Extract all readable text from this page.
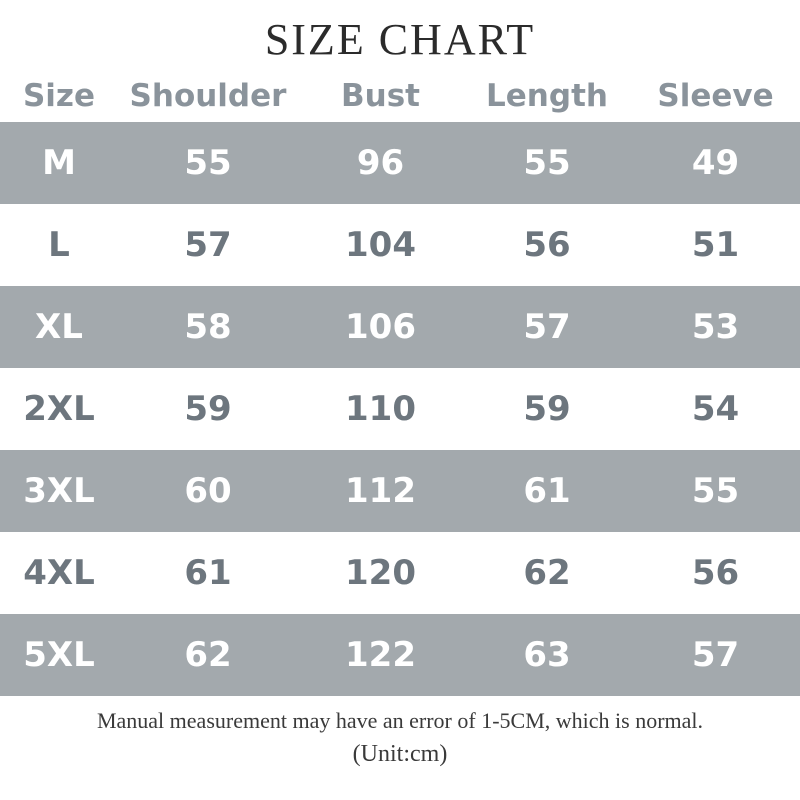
SIZE CHART
Size	Shoulder	Bust	Length	Sleeve
M	55	96	55	49
L	57	104	56	51
XL	58	106	57	53
2XL	59	110	59	54
3XL	60	112	61	55
4XL	61	120	62	56
5XL	62	122	63	57
Manual measurement may have an error of 1-5CM, which is normal.
(Unit:cm)
